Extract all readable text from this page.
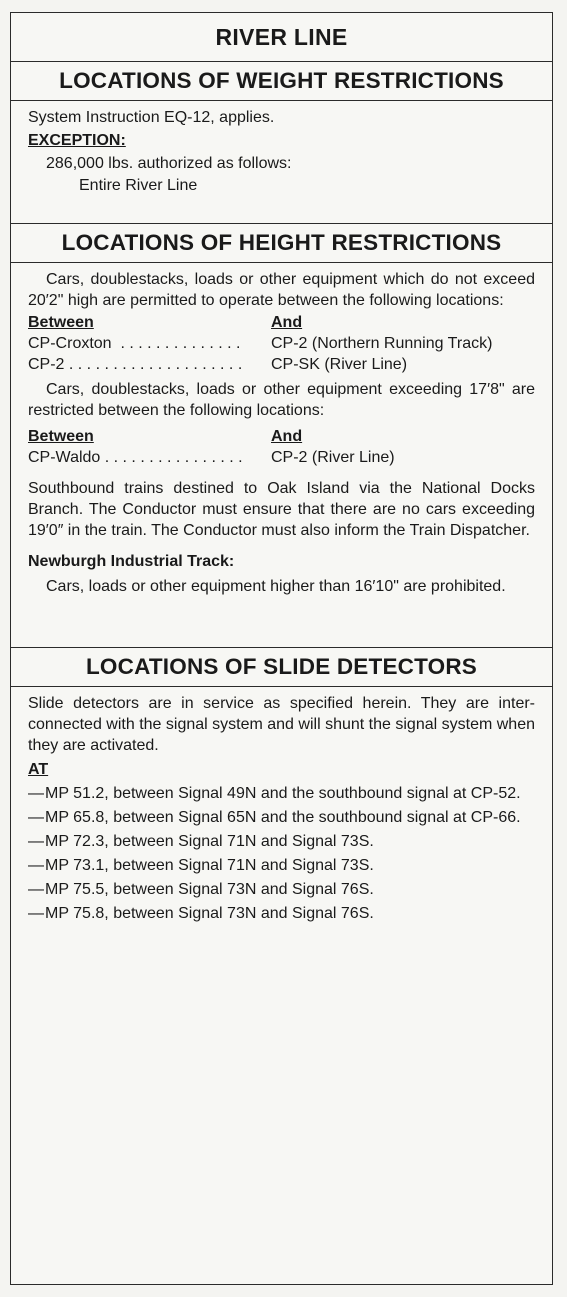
RIVER LINE
LOCATIONS OF WEIGHT RESTRICTIONS

System Instruction EQ-12, applies.

EXCEPTION:

286,000 lbs. authorized as follows:

Entire River Line

LOCATIONS OF HEIGHT RESTRICTIONS

Cars, doublestacks, loads or other equipment which do not exceed 20′2" high are permitted to operate between the following locations:

Between	And
CP-Croxton  . . . . . . . . . . . . . .	CP-2 (Northern Running Track)
CP-2 . . . . . . . . . . . . . . . . . . . .	CP-SK (River Line)

Cars, doublestacks, loads or other equipment exceeding 17′8" are restricted between the following locations:

Between	And
CP-Waldo . . . . . . . . . . . . . . . .	CP-2 (River Line)

Southbound trains destined to Oak Island via the National Docks Branch. The Conductor must ensure that there are no cars exceeding 19′0″ in the train. The Conductor must also inform the Train Dispatcher.

Newburgh Industrial Track:

Cars, loads or other equipment higher than 16′10" are prohibited.

LOCATIONS OF SLIDE DETECTORS

Slide detectors are in service as specified herein. They are inter- connected with the signal system and will shunt the signal system when they are activated.

AT

— MP 51.2, between Signal 49N and the southbound signal at CP-52.
— MP 65.8, between Signal 65N and the southbound signal at CP-66.
— MP 72.3, between Signal 71N and Signal 73S.
— MP 73.1, between Signal 71N and Signal 73S.
— MP 75.5, between Signal 73N and Signal 76S.
— MP 75.8, between Signal 73N and Signal 76S.
